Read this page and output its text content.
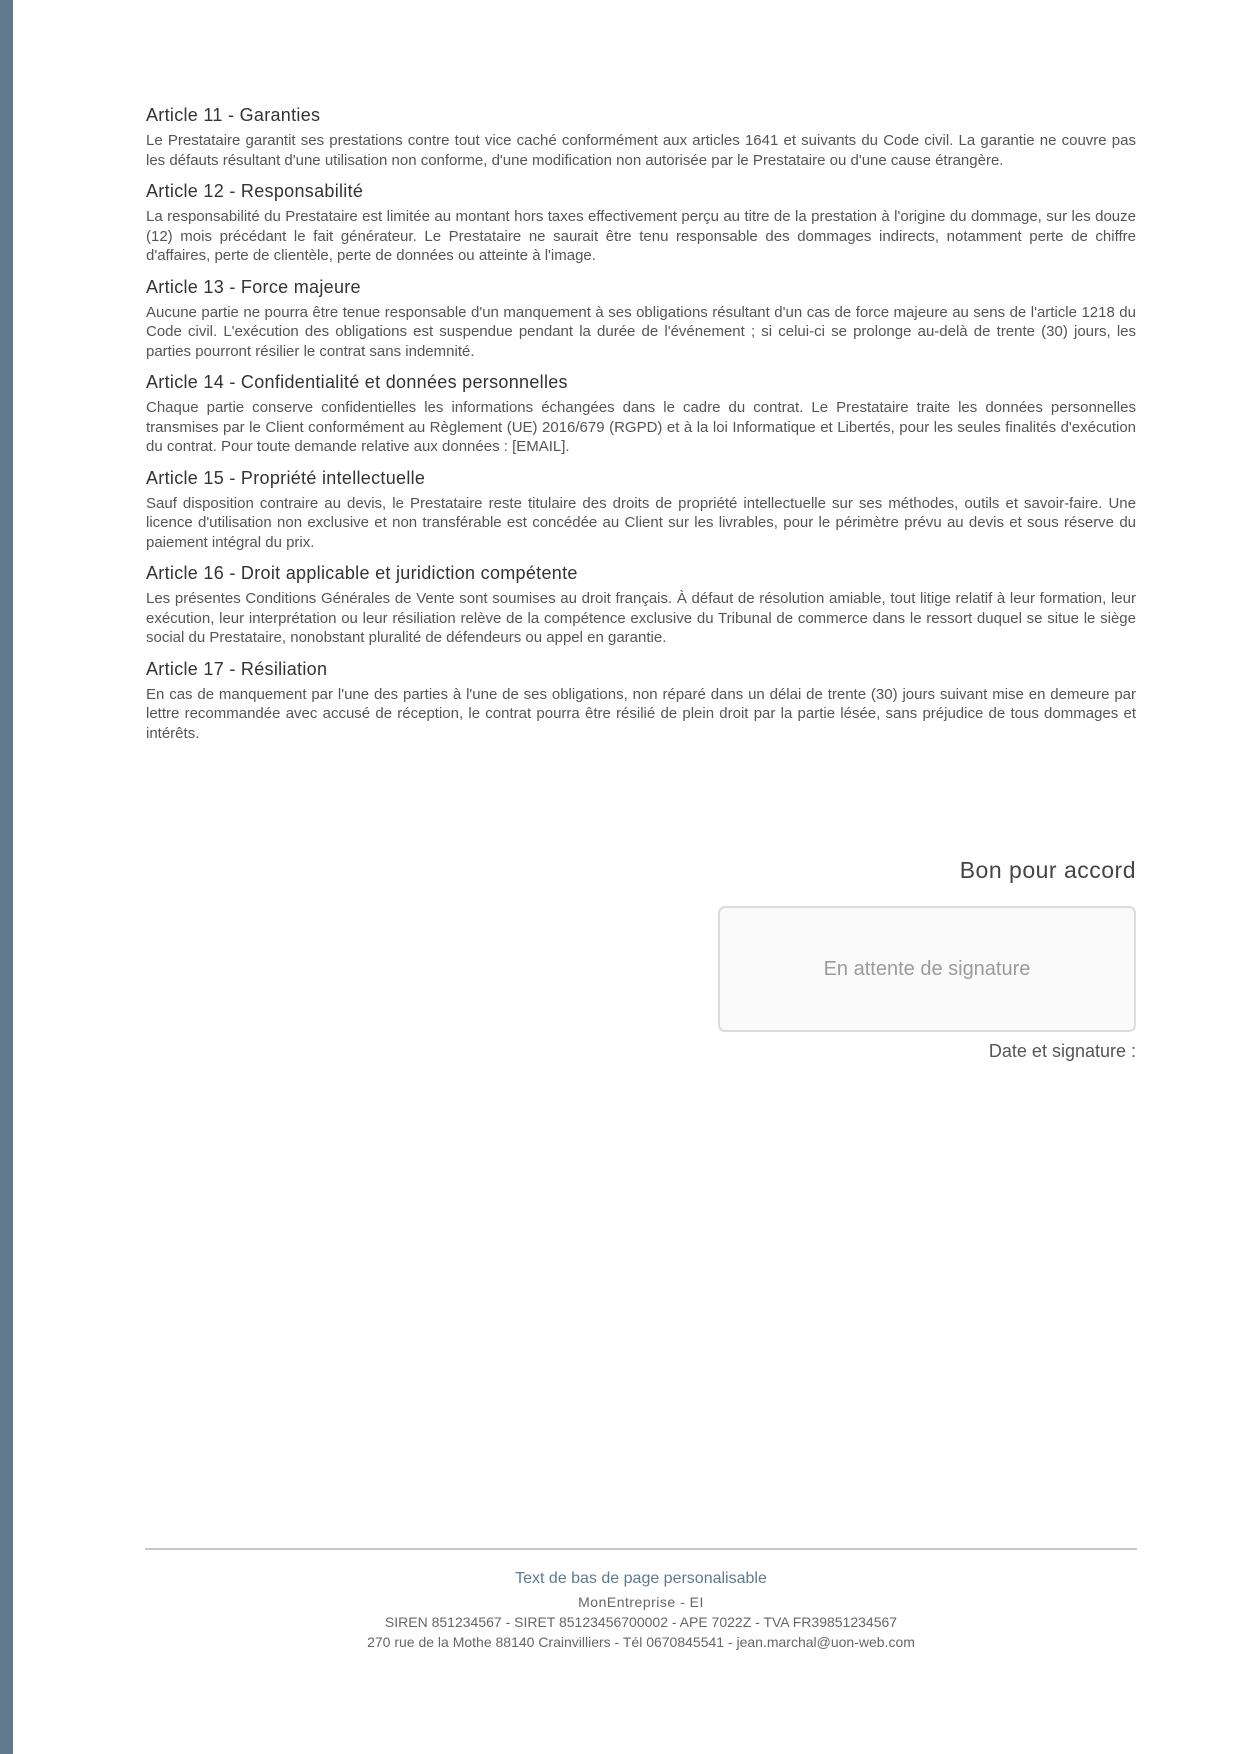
Article 11 - Garanties

Le Prestataire garantit ses prestations contre tout vice caché conformément aux articles 1641 et suivants du Code civil. La garantie ne couvre pas les défauts résultant d'une utilisation non conforme, d'une modification non autorisée par le Prestataire ou d'une cause étrangère.

Article 12 - Responsabilité

La responsabilité du Prestataire est limitée au montant hors taxes effectivement perçu au titre de la prestation à l'origine du dommage, sur les douze (12) mois précédant le fait générateur. Le Prestataire ne saurait être tenu responsable des dommages indirects, notamment perte de chiffre d'affaires, perte de clientèle, perte de données ou atteinte à l'image.

Article 13 - Force majeure

Aucune partie ne pourra être tenue responsable d'un manquement à ses obligations résultant d'un cas de force majeure au sens de l'article 1218 du Code civil. L'exécution des obligations est suspendue pendant la durée de l'événement ; si celui-ci se prolonge au-delà de trente (30) jours, les parties pourront résilier le contrat sans indemnité.

Article 14 - Confidentialité et données personnelles

Chaque partie conserve confidentielles les informations échangées dans le cadre du contrat. Le Prestataire traite les données personnelles transmises par le Client conformément au Règlement (UE) 2016/679 (RGPD) et à la loi Informatique et Libertés, pour les seules finalités d'exécution du contrat. Pour toute demande relative aux données : [EMAIL].

Article 15 - Propriété intellectuelle

Sauf disposition contraire au devis, le Prestataire reste titulaire des droits de propriété intellectuelle sur ses méthodes, outils et savoir-faire. Une licence d'utilisation non exclusive et non transférable est concédée au Client sur les livrables, pour le périmètre prévu au devis et sous réserve du paiement intégral du prix.

Article 16 - Droit applicable et juridiction compétente

Les présentes Conditions Générales de Vente sont soumises au droit français. À défaut de résolution amiable, tout litige relatif à leur formation, leur exécution, leur interprétation ou leur résiliation relève de la compétence exclusive du Tribunal de commerce dans le ressort duquel se situe le siège social du Prestataire, nonobstant pluralité de défendeurs ou appel en garantie.

Article 17 - Résiliation

En cas de manquement par l'une des parties à l'une de ses obligations, non réparé dans un délai de trente (30) jours suivant mise en demeure par lettre recommandée avec accusé de réception, le contrat pourra être résilié de plein droit par la partie lésée, sans préjudice de tous dommages et intérêts.

Bon pour accord

En attente de signature
Date et signature :
Text de bas de page personalisable
MonEntreprise - EI
SIREN 851234567 - SIRET 85123456700002 - APE 7022Z - TVA FR39851234567
270 rue de la Mothe 88140 Crainvilliers - Tél 0670845541 - jean.marchal@uon-web.com
